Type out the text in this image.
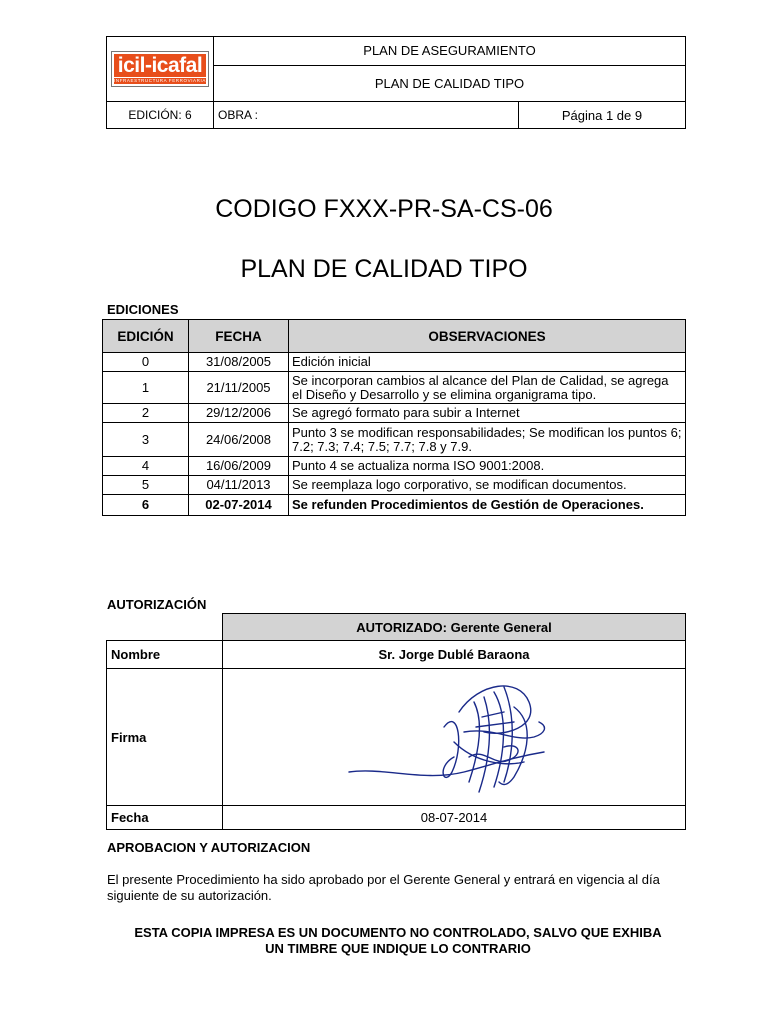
icil-icafal
INFRAESTRUCTURA FERROVIARIA	PLAN DE ASEGURAMIENTO	
	PLAN DE CALIDAD TIPO	
EDICIÓN: 6	OBRA :	Página 1 de 9
CODIGO FXXX-PR-SA-CS-06
PLAN DE CALIDAD TIPO
EDICIONES
EDICIÓN	FECHA	OBSERVACIONES
0	31/08/2005	Edición inicial
1	21/11/2005	Se incorporan cambios al alcance del Plan de Calidad, se agrega el Diseño y Desarrollo y se elimina organigrama tipo.
2	29/12/2006	Se agregó formato para subir a Internet
3	24/06/2008	Punto 3 se modifican responsabilidades; Se modifican los puntos 6; 7.2; 7.3; 7.4; 7.5; 7.7; 7.8 y 7.9.
4	16/06/2009	Punto 4 se actualiza norma ISO 9001:2008.
5	04/11/2013	Se reemplaza logo corporativo, se modifican documentos.
6	02-07-2014	Se refunden Procedimientos de Gestión de Operaciones.
AUTORIZACIÓN
	AUTORIZADO: Gerente General
Nombre	Sr. Jorge Dublé Baraona
Firma	

Fecha	08-07-2014
APROBACION Y AUTORIZACION
El presente Procedimiento ha sido aprobado por el Gerente General y entrará en vigencia al día siguiente de su autorización.
ESTA COPIA IMPRESA ES UN DOCUMENTO NO CONTROLADO, SALVO QUE EXHIBA
UN TIMBRE QUE INDIQUE LO CONTRARIO
